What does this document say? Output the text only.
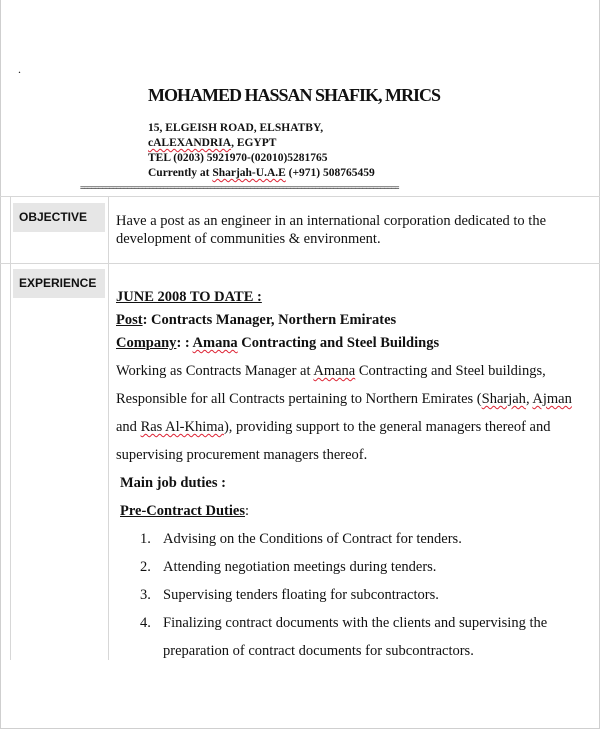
.
MOHAMED HASSAN SHAFIK, MRICS
15, ELGEISH ROAD, ELSHATBY,
cALEXANDRIA, EGYPT
TEL (0203) 5921970-(02010)5281765
Currently at Sharjah-U.A.E (+971) 508765459
========================================================================================
OBJECTIVE	Have a post as an engineer in an international corporation dedicated to the development of communities & environment.
EXPERIENCE
JUNE 2008 TO DATE :
Post: Contracts Manager, Northern Emirates
Company: : Amana Contracting and Steel Buildings
Working as Contracts Manager at Amana Contracting and Steel buildings, Responsible for all Contracts pertaining to Northern Emirates (Sharjah, Ajman and Ras Al-Khima), providing support to the general managers thereof and supervising procurement managers thereof.
Main job duties :
Pre-Contract Duties:
1. Advising on the Conditions of Contract for tenders.
2. Attending negotiation meetings during tenders.
3. Supervising tenders floating for subcontractors.
4. Finalizing contract documents with the clients and supervising the preparation of contract documents for subcontractors.
